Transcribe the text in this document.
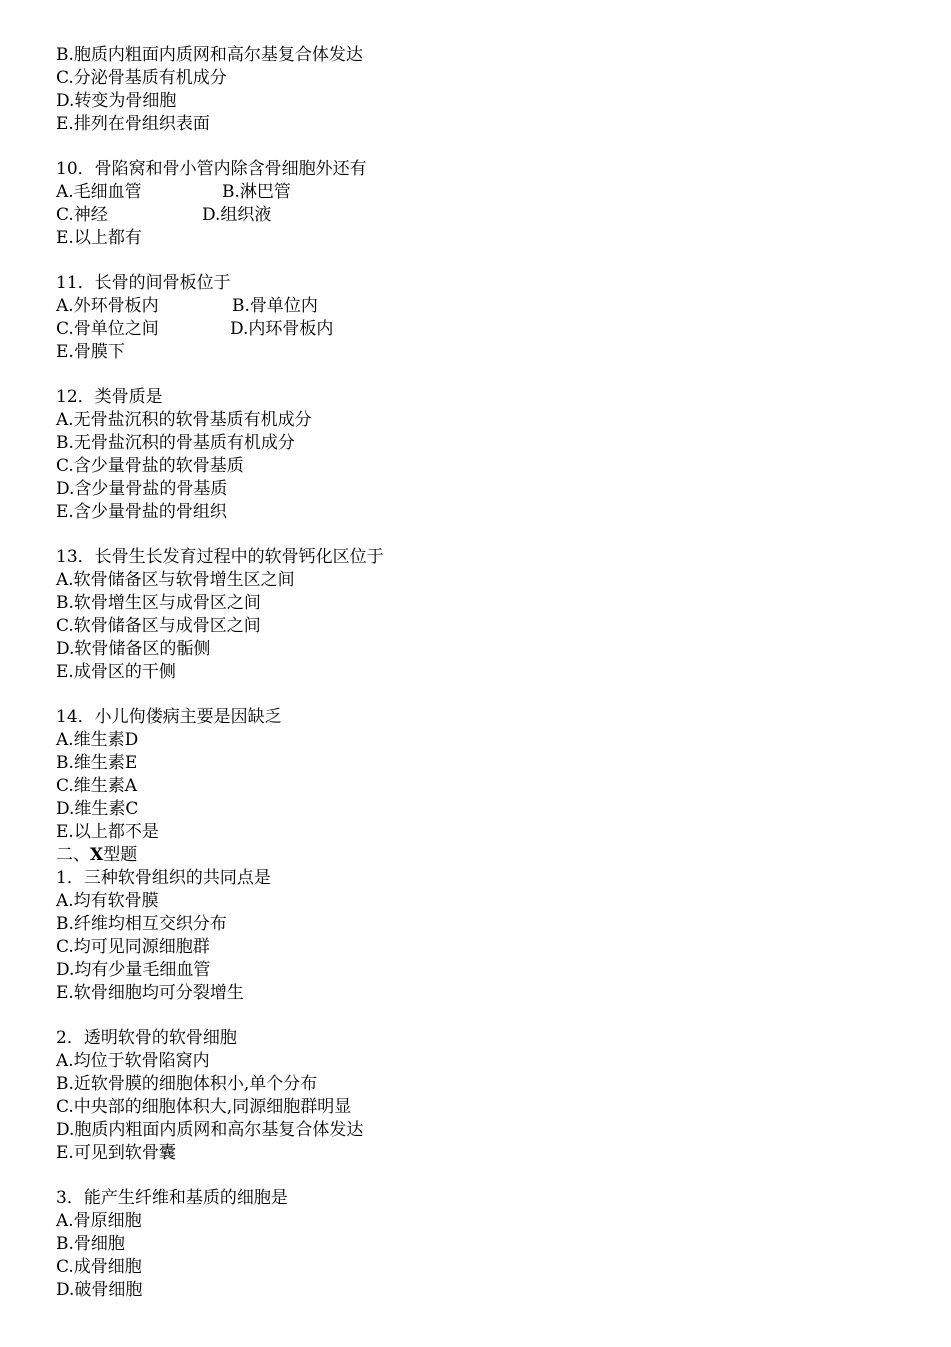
B.胞质内粗面内质网和高尔基复合体发达
C.分泌骨基质有机成分
D.转变为骨细胞
E.排列在骨组织表面
10．骨陷窝和骨小管内除含骨细胞外还有
A.毛细血管	B.淋巴管
C.神经	D.组织液
E.以上都有
11．长骨的间骨板位于
A.外环骨板内	B.骨单位内
C.骨单位之间	D.内环骨板内
E.骨膜下
12．类骨质是
A.无骨盐沉积的软骨基质有机成分
B.无骨盐沉积的骨基质有机成分
C.含少量骨盐的软骨基质
D.含少量骨盐的骨基质
E.含少量骨盐的骨组织
13．长骨生长发育过程中的软骨钙化区位于
A.软骨储备区与软骨增生区之间
B.软骨增生区与成骨区之间
C.软骨储备区与成骨区之间
D.软骨储备区的骺侧
E.成骨区的干侧
14．小儿佝偻病主要是因缺乏
A.维生素D
B.维生素E
C.维生素A
D.维生素C
E.以上都不是
二、X型题
1．三种软骨组织的共同点是
A.均有软骨膜
B.纤维均相互交织分布
C.均可见同源细胞群
D.均有少量毛细血管
E.软骨细胞均可分裂增生
2．透明软骨的软骨细胞
A.均位于软骨陷窝内
B.近软骨膜的细胞体积小,单个分布
C.中央部的细胞体积大,同源细胞群明显
D.胞质内粗面内质网和高尔基复合体发达
E.可见到软骨囊
3．能产生纤维和基质的细胞是
A.骨原细胞
B.骨细胞
C.成骨细胞
D.破骨细胞
